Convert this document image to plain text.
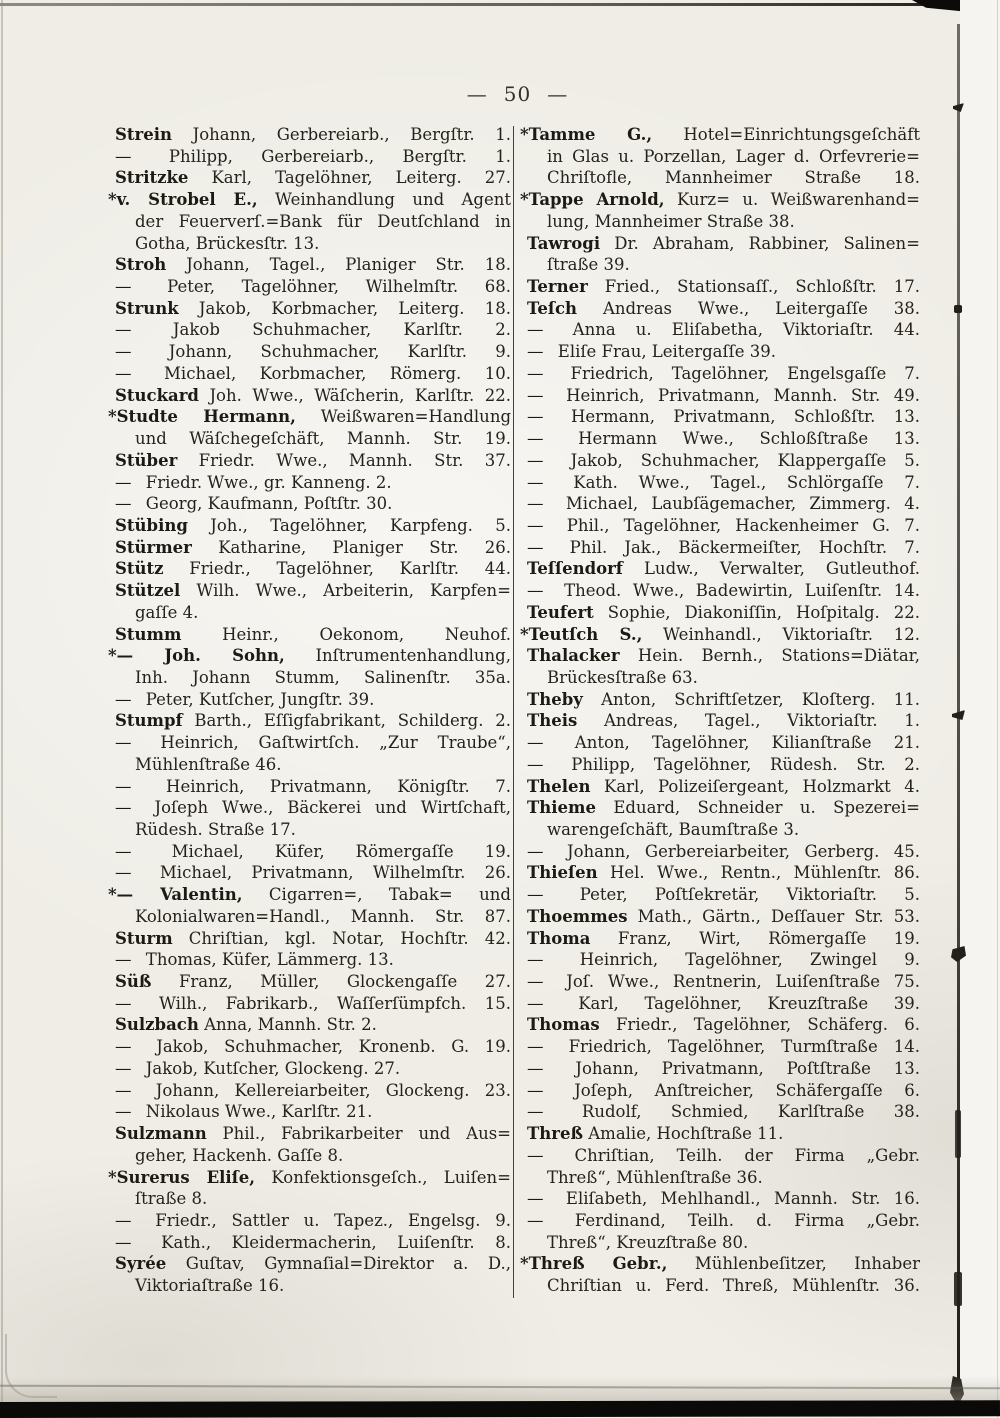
— 50 —
Strein Johann, Gerbereiarb., Bergſtr. 1.
— Philipp, Gerbereiarb., Bergſtr. 1.
Stritzke Karl, Tagelöhner, Leiterg. 27.
*v. Strobel E., Weinhandlung und Agent
der Feuerverſ.=Bank für Deutſchland in
Gotha, Brückesſtr. 13.
Stroh Johann, Tagel., Planiger Str. 18.
— Peter, Tagelöhner, Wilhelmſtr. 68.
Strunk Jakob, Korbmacher, Leiterg. 18.
— Jakob Schuhmacher, Karlſtr. 2.
— Johann, Schuhmacher, Karlſtr. 9.
— Michael, Korbmacher, Römerg. 10.
Stuckard Joh. Wwe., Wäſcherin, Karlſtr. 22.
*Studte Hermann, Weißwaren=Handlung
und Wäſchegeſchäft, Mannh. Str. 19.
Stüber Friedr. Wwe., Mannh. Str. 37.
— Friedr. Wwe., gr. Kanneng. 2.
— Georg, Kaufmann, Poſtſtr. 30.
Stübing Joh., Tagelöhner, Karpfeng. 5.
Stürmer Katharine, Planiger Str. 26.
Stütz Friedr., Tagelöhner, Karlſtr. 44.
Stützel Wilh. Wwe., Arbeiterin, Karpfen=
gaſſe 4.
Stumm Heinr., Oekonom, Neuhof.
*— Joh. Sohn, Inſtrumentenhandlung,
Inh. Johann Stumm, Salinenſtr. 35a.
— Peter, Kutſcher, Jungſtr. 39.
Stumpf Barth., Eſſigfabrikant, Schilderg. 2.
— Heinrich, Gaſtwirtſch. „Zur Traube“,
Mühlenſtraße 46.
— Heinrich, Privatmann, Königſtr. 7.
— Joſeph Wwe., Bäckerei und Wirtſchaft,
Rüdesh. Straße 17.
— Michael, Küfer, Römergaſſe 19.
— Michael, Privatmann, Wilhelmſtr. 26.
*— Valentin, Cigarren=, Tabak= und
Kolonialwaren=Handl., Mannh. Str. 87.
Sturm Chriſtian, kgl. Notar, Hochſtr. 42.
— Thomas, Küfer, Lämmerg. 13.
Süß Franz, Müller, Glockengaſſe 27.
— Wilh., Fabrikarb., Waſſerſümpfch. 15.
Sulzbach Anna, Mannh. Str. 2.
— Jakob, Schuhmacher, Kronenb. G. 19.
— Jakob, Kutſcher, Glockeng. 27.
— Johann, Kellereiarbeiter, Glockeng. 23.
— Nikolaus Wwe., Karlſtr. 21.
Sulzmann Phil., Fabrikarbeiter und Aus=
geher, Hackenh. Gaſſe 8.
*Surerus Eliſe, Konfektionsgeſch., Luiſen=
ſtraße 8.
— Friedr., Sattler u. Tapez., Engelsg. 9.
— Kath., Kleidermacherin, Luiſenſtr. 8.
Syrée Guſtav, Gymnaſial=Direktor a. D.,
Viktoriaſtraße 16.
*Tamme G., Hotel=Einrichtungsgeſchäft
in Glas u. Porzellan, Lager d. Orfevrerie=
Chriſtofle, Mannheimer Straße 18.
*Tappe Arnold, Kurz= u. Weißwarenhand=
lung, Mannheimer Straße 38.
Tawrogi Dr. Abraham, Rabbiner, Salinen=
ſtraße 39.
Terner Fried., Stationsaſſ., Schloßſtr. 17.
Teſch Andreas Wwe., Leitergaſſe 38.
— Anna u. Eliſabetha, Viktoriaſtr. 44.
— Eliſe Frau, Leitergaſſe 39.
— Friedrich, Tagelöhner, Engelsgaſſe 7.
— Heinrich, Privatmann, Mannh. Str. 49.
— Hermann, Privatmann, Schloßſtr. 13.
— Hermann Wwe., Schloßſtraße 13.
— Jakob, Schuhmacher, Klappergaſſe 5.
— Kath. Wwe., Tagel., Schlörgaſſe 7.
— Michael, Laubſägemacher, Zimmerg. 4.
— Phil., Tagelöhner, Hackenheimer G. 7.
— Phil. Jak., Bäckermeiſter, Hochſtr. 7.
Teſſendorf Ludw., Verwalter, Gutleuthof.
— Theod. Wwe., Badewirtin, Luiſenſtr. 14.
Teufert Sophie, Diakoniſſin, Hoſpitalg. 22.
*Teutſch S., Weinhandl., Viktoriaſtr. 12.
Thalacker Hein. Bernh., Stations=Diätar,
Brückesſtraße 63.
Theby Anton, Schriftſetzer, Kloſterg. 11.
Theis Andreas, Tagel., Viktoriaſtr. 1.
— Anton, Tagelöhner, Kilianſtraße 21.
— Philipp, Tagelöhner, Rüdesh. Str. 2.
Thelen Karl, Polizeiſergeant, Holzmarkt 4.
Thieme Eduard, Schneider u. Spezerei=
warengeſchäft, Baumſtraße 3.
— Johann, Gerbereiarbeiter, Gerberg. 45.
Thieſen Hel. Wwe., Rentn., Mühlenſtr. 86.
— Peter, Poſtſekretär, Viktoriaſtr. 5.
Thoemmes Math., Gärtn., Deſſauer Str. 53.
Thoma Franz, Wirt, Römergaſſe 19.
— Heinrich, Tagelöhner, Zwingel 9.
— Joſ. Wwe., Rentnerin, Luiſenſtraße 75.
— Karl, Tagelöhner, Kreuzſtraße 39.
Thomas Friedr., Tagelöhner, Schäferg. 6.
— Friedrich, Tagelöhner, Turmſtraße 14.
— Johann, Privatmann, Poſtſtraße 13.
— Joſeph, Anſtreicher, Schäfergaſſe 6.
— Rudolf, Schmied, Karlſtraße 38.
Threß Amalie, Hochſtraße 11.
— Chriſtian, Teilh. der Firma „Gebr.
Threß“, Mühlenſtraße 36.
— Eliſabeth, Mehlhandl., Mannh. Str. 16.
— Ferdinand, Teilh. d. Firma „Gebr.
Threß“, Kreuzſtraße 80.
*Threß Gebr., Mühlenbeſitzer, Inhaber
Chriſtian u. Ferd. Threß, Mühlenſtr. 36.
